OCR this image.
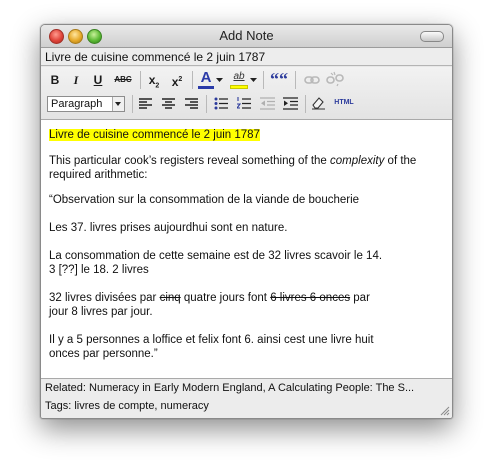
Add Note
Livre de cuisine commencé le 2 juin 1787
B	I	U	ABC	$x_2$	$x^2$ A	ab ““
Paragraph	HTML

Livre de cuisine commencé le 2 juin 1787

This particular cook’s registers reveal something of the complexity of the required arithmetic:

“Observation sur la consommation de la viande de boucherie

Les 37. livres prises aujourdhui sont en nature.

La consommation de cette semaine est de 32 livres scavoir le 14. 3 [??] le 18. 2 livres

32 livres divisées par cinq quatre jours font 6 livres 6 onces par jour 8 livres par jour.

Il y a 5 personnes a loffice et felix font 6. ainsi cest une livre huit onces par personne.”

Related: Numeracy in Early Modern England, A Calculating People: The S...
Tags: livres de compte, numeracy
